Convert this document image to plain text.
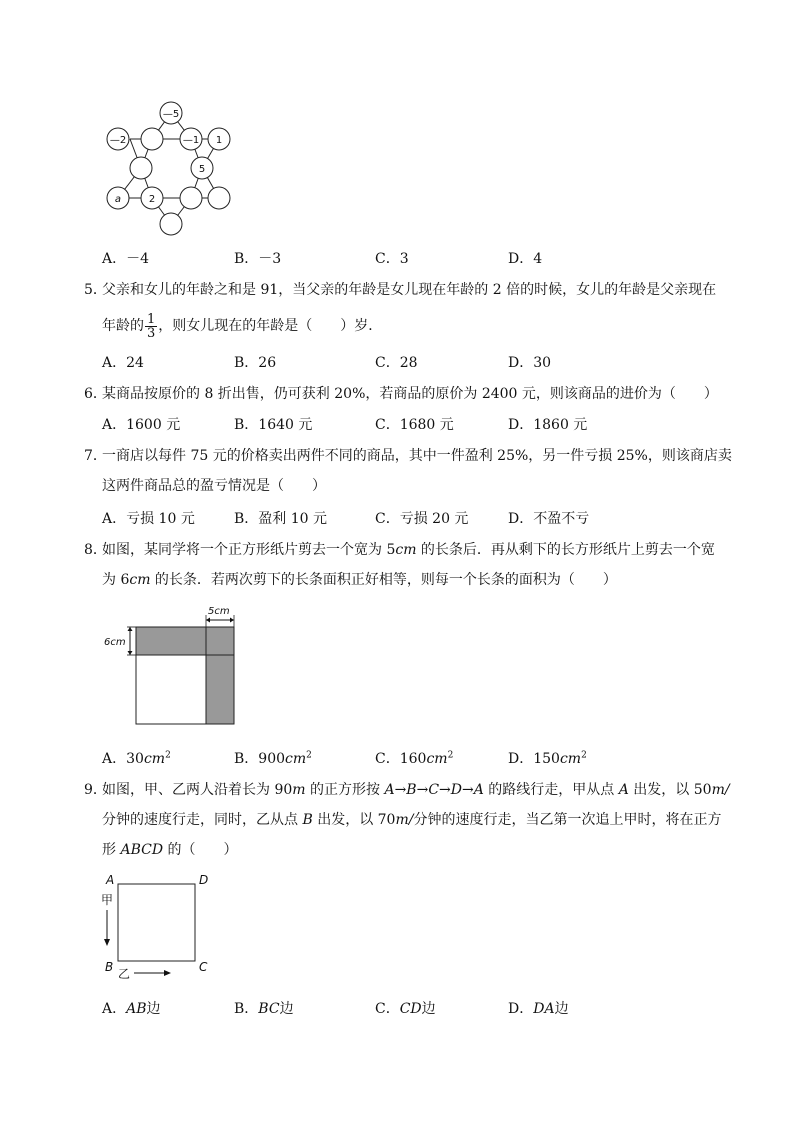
—5
—2	—1 1
5
a	2
A．－4	B．－3	C．3	D．4
5．父亲和女儿的年龄之和是 91，当父亲的年龄是女儿现在年龄的 2 倍的时候，女儿的年龄是父亲现在
年龄的 $\frac{1}{3}$ ，则女儿现在的年龄是（　　）岁．
A．24	B．26	C．28	D．30
6．某商品按原价的 8 折出售，仍可获利 20%，若商品的原价为 2400 元，则该商品的进价为（　　）
A．1600 元	B．1640 元	C．1680 元	D．1860 元
7．一商店以每件 75 元的价格卖出两件不同的商品，其中一件盈利 25%，另一件亏损 25%，则该商店卖
这两件商品总的盈亏情况是（　　）
A．亏损 10 元	B．盈利 10 元	C．亏损 20 元	D．不盈不亏
8．如图，某同学将一个正方形纸片剪去一个宽为 5cm 的长条后．再从剩下的长方形纸片上剪去一个宽
为 6cm 的长条．若两次剪下的长条面积正好相等，则每一个长条的面积为（　　）
5cm
6cm
A．$30cm^2$	B．$900cm^2$	C．$160cm^2$	D．$150cm^2$
9．如图，甲、乙两人沿着长为 90m 的正方形按 A→B→C→D→A 的路线行走，甲从点 A 出发，以 50m/
分钟的速度行走，同时，乙从点 B 出发，以 70m/分钟的速度行走，当乙第一次追上甲时，将在正方
形 ABCD 的（　　）
A	D
B	C
甲
乙
A．AB边	B．BC边	C．CD边	D．DA边
